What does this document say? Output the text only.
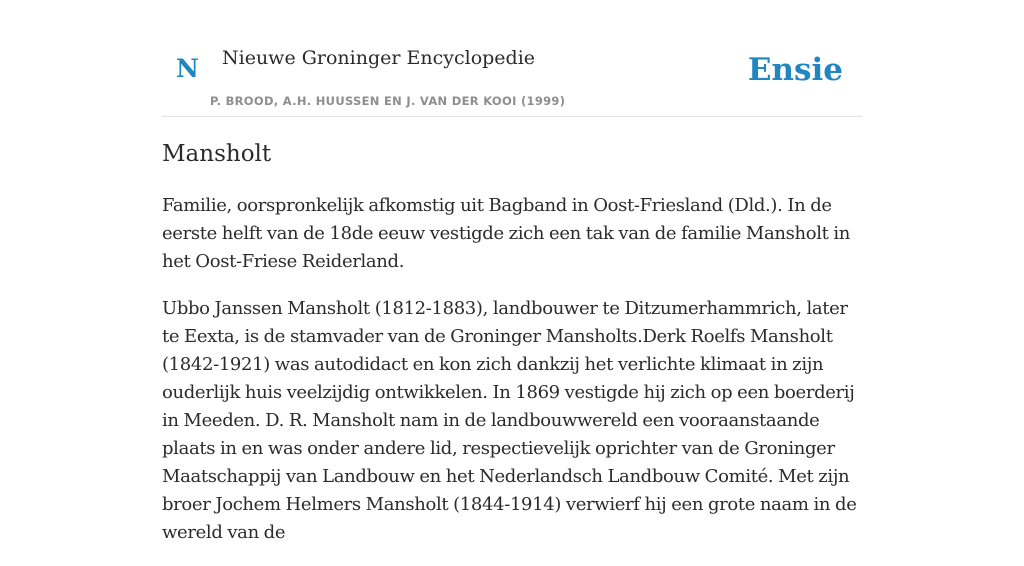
N Nieuwe Groninger Encyclopedie
P. BROOD, A.H. HUUSSEN EN J. VAN DER KOOI (1999)
Ensie
Mansholt

Familie, oorspronkelijk afkomstig uit Bagband in Oost-Friesland (Dld.). In de eerste helft van de 18de eeuw vestigde zich een tak van de familie Mansholt in het Oost-Friese Reiderland.

Ubbo Janssen Mansholt (1812-1883), landbouwer te Ditzumerhammrich, later te Eexta, is de stamvader van de Groninger Mansholts.Derk Roelfs Mansholt (1842-1921) was autodidact en kon zich dankzij het verlichte klimaat in zijn ouderlijk huis veelzijdig ontwikkelen. In 1869 vestigde hij zich op een boerderij in Meeden. D. R. Mansholt nam in de landbouwwereld een vooraanstaande plaats in en was onder andere lid, respectievelijk oprichter van de Groninger Maatschappij van Landbouw en het Nederlandsch Landbouw Comité. Met zijn broer Jochem Helmers Mansholt (1844-1914) verwierf hij een grote naam in de wereld van de
